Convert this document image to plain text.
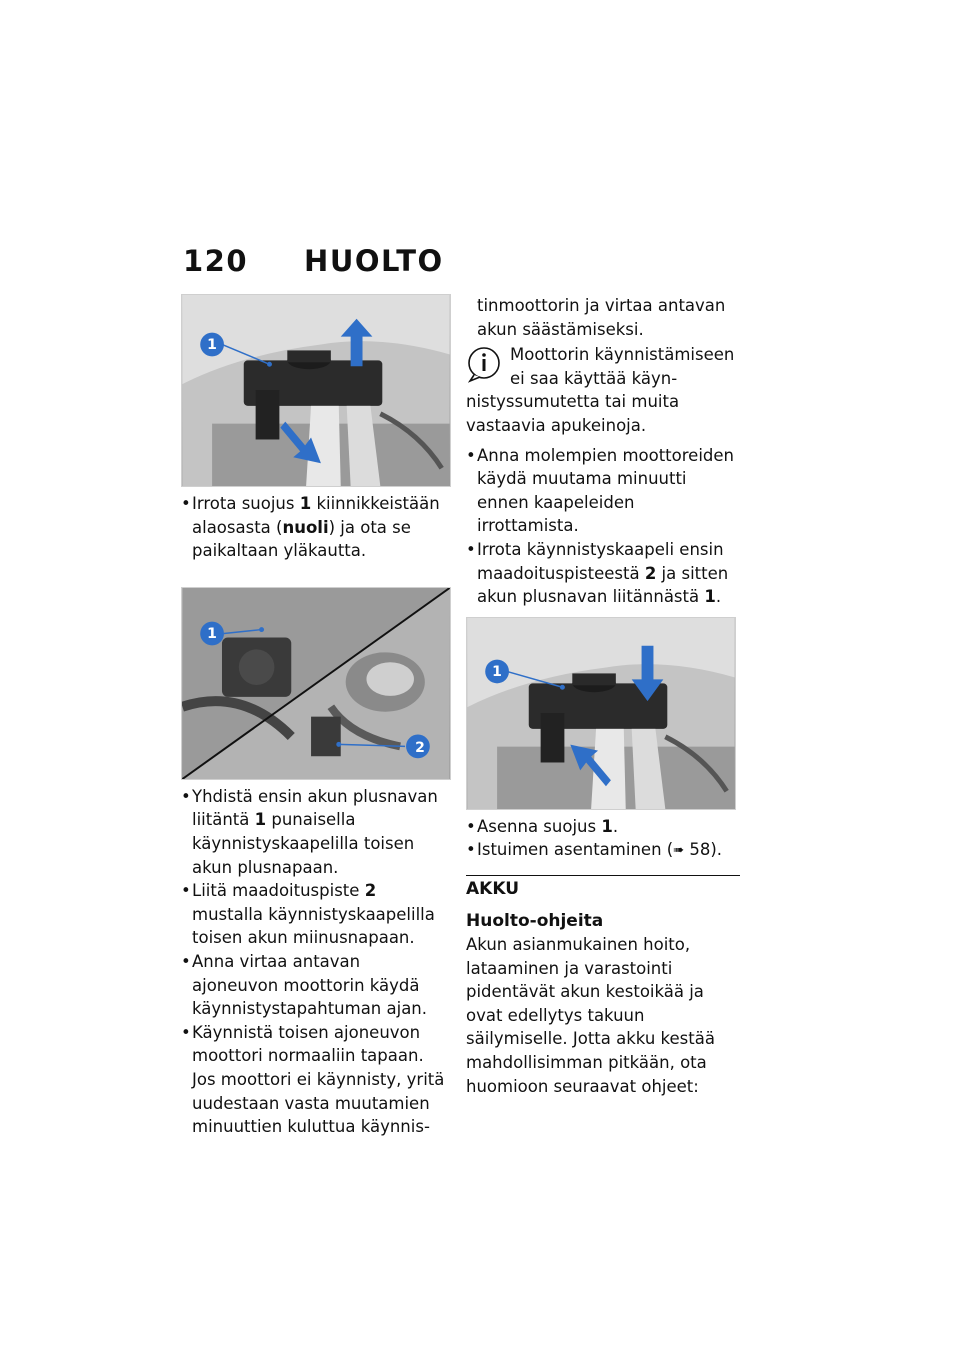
120 HUOLTO
1
• Irrota suojus 1 kiinnikkeistään alaosasta (nuoli) ja ota se paikaltaan yläkautta.
1
2
• Yhdistä ensin akun plusnavan liitäntä 1 punaisella käynnistyskaapelilla toisen akun plusnapaan.
• Liitä maadoituspiste 2 mustalla käynnistyskaapelilla toisen akun miinusnapaan.
• Anna virtaa antavan ajoneuvon moottorin käydä käynnistystapahtuman ajan.
• Käynnistä toisen ajoneuvon moottori normaaliin tapaan. Jos moottori ei käynnisty, yritä uudestaan vasta muutamien minuuttien kuluttua käynnis-

tinmoottorin ja virtaa antavan akun säästämiseksi.

Moottorin käynnistämiseen ei saa käyttää käyn-

nistyssumutetta tai muita vastaavia apukeinoja.

• Anna molempien moottoreiden käydä muutama minuutti ennen kaapeleiden irrottamista.
• Irrota käynnistyskaapeli ensin maadoituspisteestä 2 ja sitten akun plusnavan liitännästä 1.
1
• Asenna suojus 1.
• Istuimen asentaminen (➠ 58).
AKKU
Huolto-ohjeita

Akun asianmukainen hoito, lataaminen ja varastointi pidentävät akun kestoikää ja ovat edellytys takuun säilymiselle. Jotta akku kestää mahdollisimman pitkään, ota huomioon seuraavat ohjeet:
